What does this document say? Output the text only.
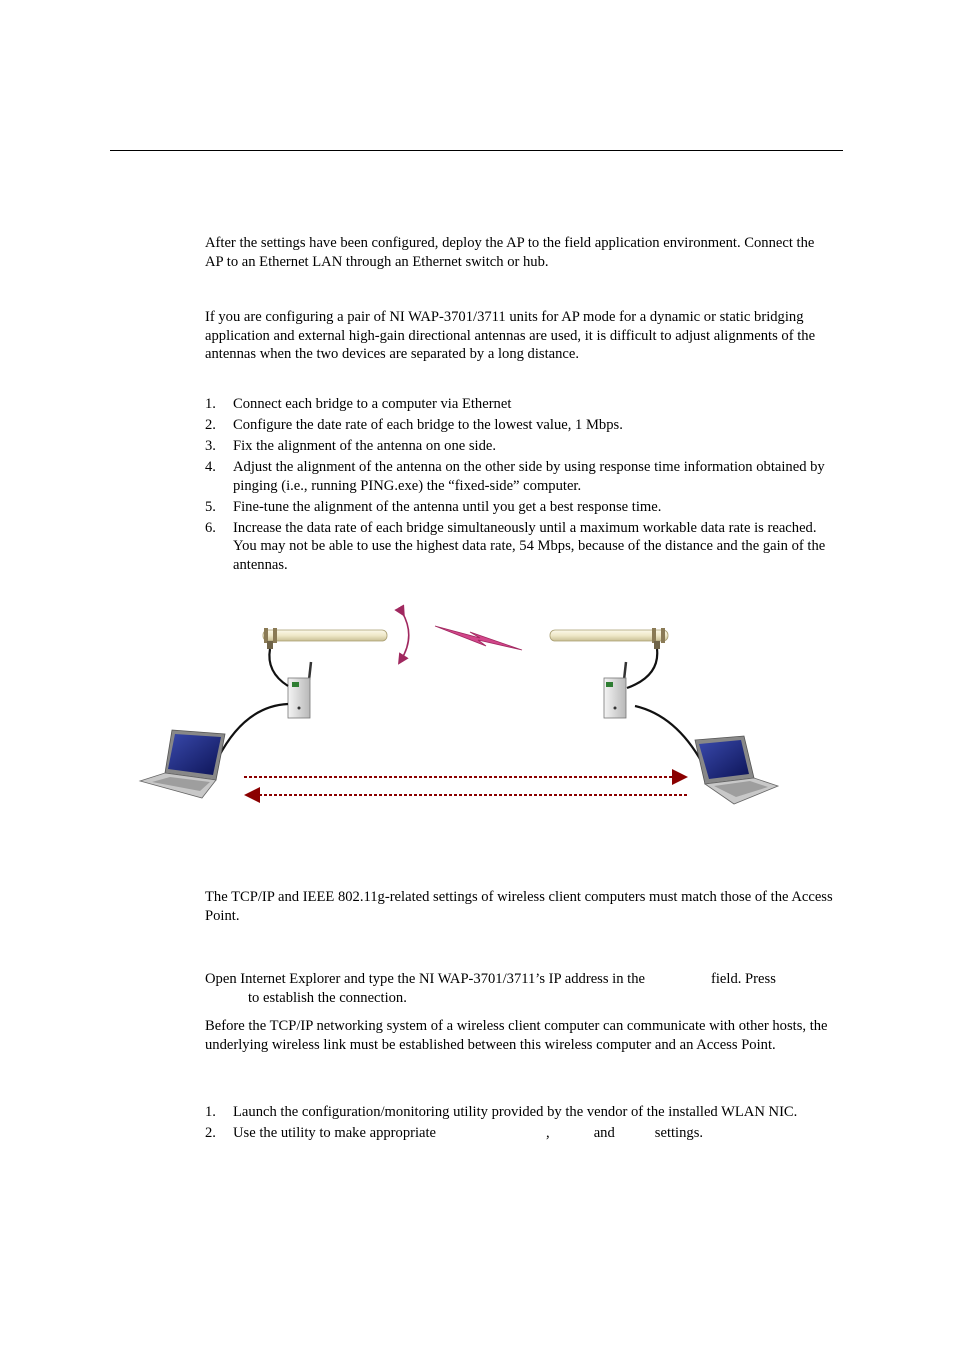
After the settings have been configured, deploy the AP to the field application environment. Connect the AP to an Ethernet LAN through an Ethernet switch or hub.

If you are configuring a pair of NI WAP-3701/3711 units for AP mode for a dynamic or static bridging application and external high-gain directional antennas are used, it is difficult to adjust alignments of the antennas when the two devices are separated by a long distance.

1. Connect each bridge to a computer via Ethernet
2. Configure the date rate of each bridge to the lowest value, 1 Mbps.
3. Fix the alignment of the antenna on one side.
4. Adjust the alignment of the antenna on the other side by using response time information obtained by pinging (i.e., running PING.exe) the “fixed-side” computer.
5. Fine-tune the alignment of the antenna until you get a best response time.
6. Increase the data rate of each bridge simultaneously until a maximum workable data rate is reached. You may not be able to use the highest data rate, 54 Mbps, because of the distance and the gain of the antennas.

The TCP/IP and IEEE 802.11g-related settings of wireless client computers must match those of the Access Point.

Open Internet Explorer and type the NI WAP-3701/3711’s IP address in the	field. Press
to establish the connection.

Before the TCP/IP networking system of a wireless client computer can communicate with other hosts, the underlying wireless link must be established between this wireless computer and an Access Point.

1. Launch the configuration/monitoring utility provided by the vendor of the installed WLAN NIC.
2. Use the utility to make appropriate	,	and	settings.
